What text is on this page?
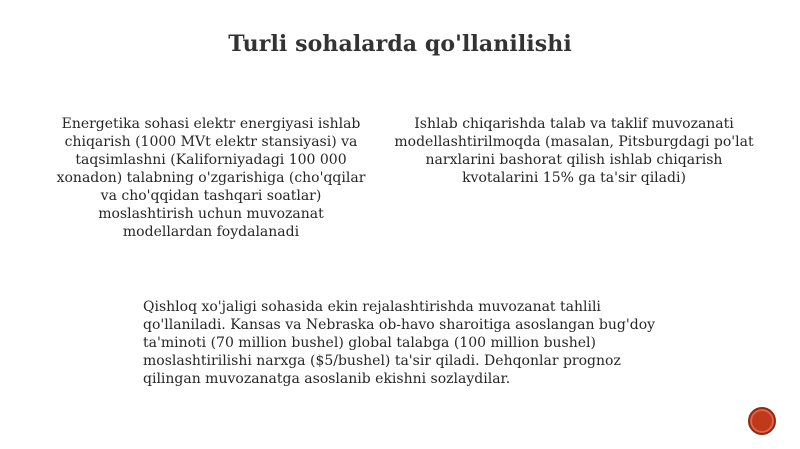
Turli sohalarda qo'llanilishi
Energetika sohasi elektr energiyasi ishlab chiqarish (1000 MVt elektr stansiyasi) va taqsimlashni (Kaliforniyadagi 100 000 xonadon) talabning o'zgarishiga (cho'qqilar va cho'qqidan tashqari soatlar) moslashtirish uchun muvozanat modellardan foydalanadi
Ishlab chiqarishda talab va taklif muvozanati modellashtirilmoqda (masalan, Pitsburgdagi po'lat narxlarini bashorat qilish ishlab chiqarish kvotalarini 15% ga ta'sir qiladi)
Qishloq xo'jaligi sohasida ekin rejalashtirishda muvozanat tahlili qo'llaniladi. Kansas va Nebraska ob-havo sharoitiga asoslangan bug'doy ta'minoti (70 million bushel) global talabga (100 million bushel) moslashtirilishi narxga ($5/bushel) ta'sir qiladi. Dehqonlar prognoz qilingan muvozanatga asoslanib ekishni sozlaydilar.
